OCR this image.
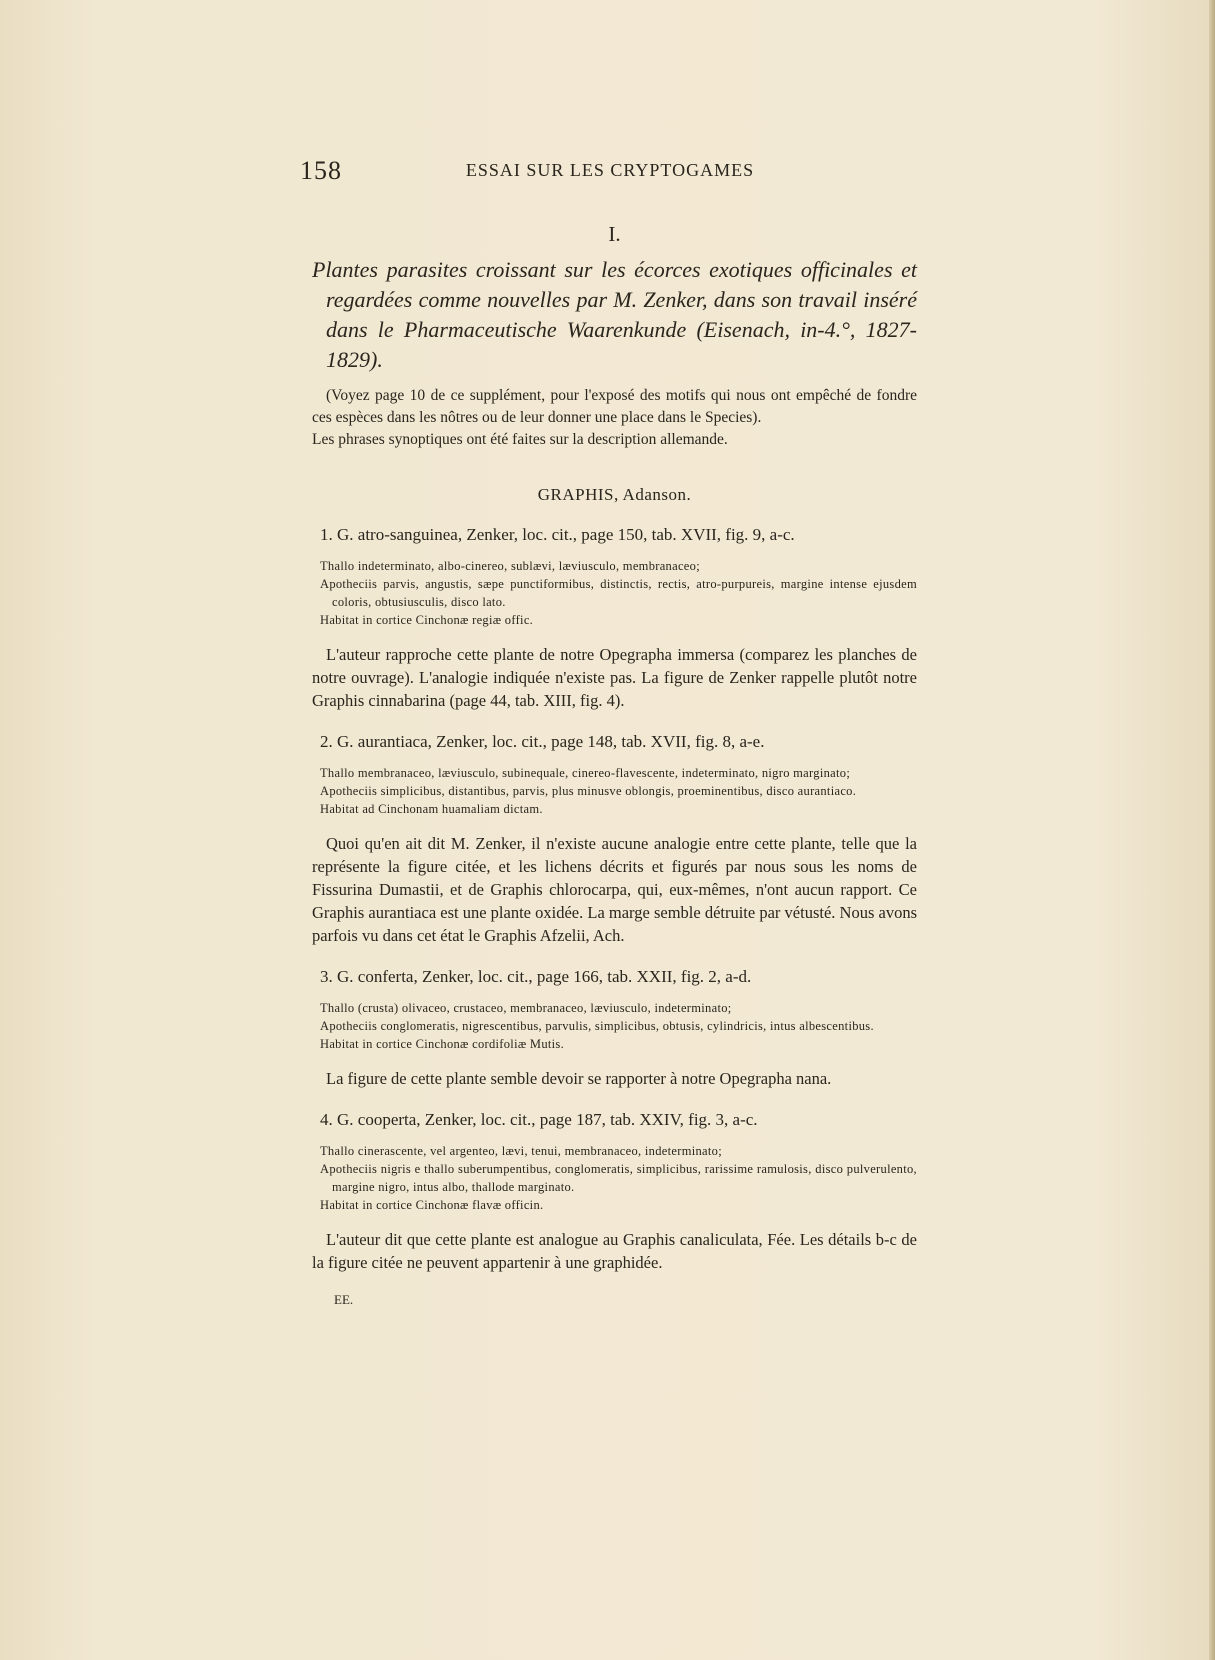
158	ESSAI SUR LES CRYPTOGAMES
I.

Plantes parasites croissant sur les écorces exotiques officinales et regardées comme nouvelles par M. Zenker, dans son travail inséré dans le Pharmaceutische Waarenkunde (Eisenach, in-4.°, 1827-1829).

(Voyez page 10 de ce supplément, pour l'exposé des motifs qui nous ont empêché de fondre ces espèces dans les nôtres ou de leur donner une place dans le Species).

Les phrases synoptiques ont été faites sur la description allemande.

GRAPHIS, Adanson.

1. G. atro-sanguinea, Zenker, loc. cit., page 150, tab. XVII, fig. 9, a-c.

Thallo indeterminato, albo-cinereo, sublævi, læviusculo, membranaceo;

Apotheciis parvis, angustis, sæpe punctiformibus, distinctis, rectis, atro-purpureis, margine intense ejusdem coloris, obtusiusculis, disco lato.

Habitat in cortice Cinchonæ regiæ offic.

L'auteur rapproche cette plante de notre Opegrapha immersa (comparez les planches de notre ouvrage). L'analogie indiquée n'existe pas. La figure de Zenker rappelle plutôt notre Graphis cinnabarina (page 44, tab. XIII, fig. 4).

2. G. aurantiaca, Zenker, loc. cit., page 148, tab. XVII, fig. 8, a-e.

Thallo membranaceo, læviusculo, subinequale, cinereo-flavescente, indeterminato, nigro marginato;

Apotheciis simplicibus, distantibus, parvis, plus minusve oblongis, proeminentibus, disco aurantiaco.

Habitat ad Cinchonam huamaliam dictam.

Quoi qu'en ait dit M. Zenker, il n'existe aucune analogie entre cette plante, telle que la représente la figure citée, et les lichens décrits et figurés par nous sous les noms de Fissurina Dumastii, et de Graphis chlorocarpa, qui, eux-mêmes, n'ont aucun rapport. Ce Graphis aurantiaca est une plante oxidée. La marge semble détruite par vétusté. Nous avons parfois vu dans cet état le Graphis Afzelii, Ach.

3. G. conferta, Zenker, loc. cit., page 166, tab. XXII, fig. 2, a-d.

Thallo (crusta) olivaceo, crustaceo, membranaceo, læviusculo, indeterminato;

Apotheciis conglomeratis, nigrescentibus, parvulis, simplicibus, obtusis, cylindricis, intus albescentibus.

Habitat in cortice Cinchonæ cordifoliæ Mutis.

La figure de cette plante semble devoir se rapporter à notre Opegrapha nana.

4. G. cooperta, Zenker, loc. cit., page 187, tab. XXIV, fig. 3, a-c.

Thallo cinerascente, vel argenteo, lævi, tenui, membranaceo, indeterminato;

Apotheciis nigris e thallo suberumpentibus, conglomeratis, simplicibus, rarissime ramulosis, disco pulverulento, margine nigro, intus albo, thallode marginato.

Habitat in cortice Cinchonæ flavæ officin.

L'auteur dit que cette plante est analogue au Graphis canaliculata, Fée. Les détails b-c de la figure citée ne peuvent appartenir à une graphidée.

EE.
